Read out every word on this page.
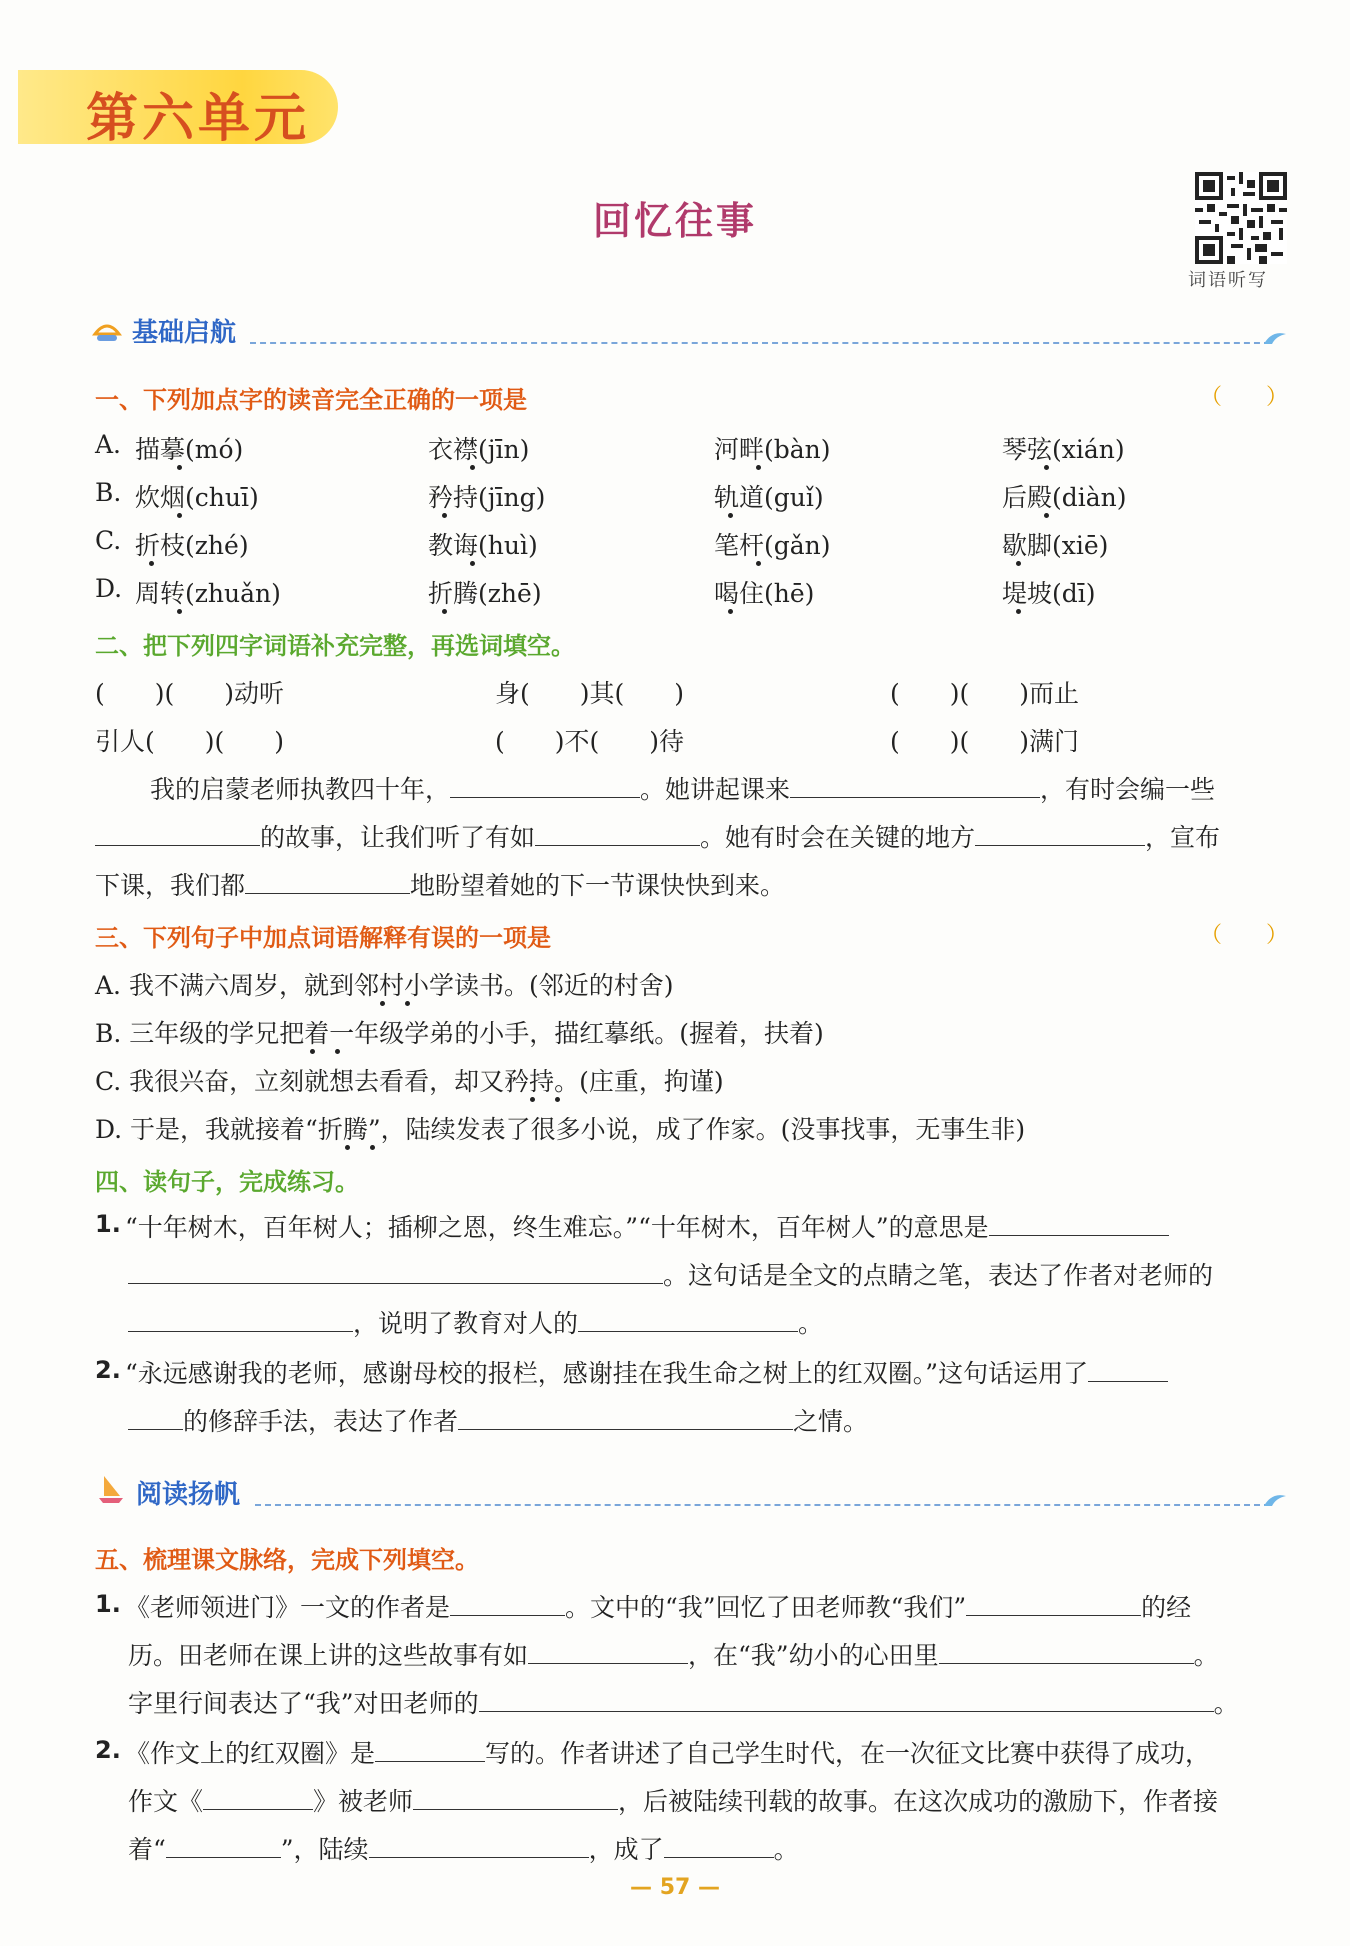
第六单元
回忆往事
词语听写
基础启航
一、下列加点字的读音完全正确的一项是	（　　）
A. 描摹(mó)	衣襟(jīn)	河畔(bàn)	琴弦(xián)
B. 炊烟(chuī)	矜持(jīng)	轨道(guǐ)	后殿(diàn)
C. 折枝(zhé)	教诲(huì)	笔杆(gǎn)	歇脚(xiē)
D. 周转(zhuǎn)	折腾(zhē)	喝住(hē)	堤坡(dī)
二、把下列四字词语补充完整，再选词填空。
(　　)(　　)动听	身(　　)其(　　)	(　　)(　　)而止
引人(　　)(　　)	(　　)不(　　)待	(　　)(　　)满门
我的启蒙老师执教四十年，	。她讲起课来	，有时会编一些
的故事，让我们听了有如	。她有时会在关键的地方	，宣布
下课，我们都	地盼望着她的下一节课快快到来。
三、下列句子中加点词语解释有误的一项是	（　　）
A. 我不满六周岁，就到邻村小学读书。(邻近的村舍)
B. 三年级的学兄把着一年级学弟的小手，描红摹纸。(握着，扶着)
C. 我很兴奋，立刻就想去看看，却又矜持。(庄重，拘谨)
D. 于是，我就接着“折腾”，陆续发表了很多小说，成了作家。(没事找事，无事生非)
四、读句子，完成练习。
1. “十年树木，百年树人；插柳之恩，终生难忘。”“十年树木，百年树人”的意思是
。这句话是全文的点睛之笔，表达了作者对老师的
，说明了教育对人的	。
2. “永远感谢我的老师，感谢母校的报栏，感谢挂在我生命之树上的红双圈。”这句话运用了
的修辞手法，表达了作者	之情。
阅读扬帆
五、梳理课文脉络，完成下列填空。
1. 《老师领进门》一文的作者是	。文中的“我”回忆了田老师教“我们”	的经
历。田老师在课上讲的这些故事有如	，在“我”幼小的心田里	。
字里行间表达了“我”对田老师的	。
2. 《作文上的红双圈》是	写的。作者讲述了自己学生时代，在一次征文比赛中获得了成功，
作文《	》被老师	，后被陆续刊载的故事。在这次成功的激励下，作者接
着“	”，陆续	，成了	。
— 57 —
